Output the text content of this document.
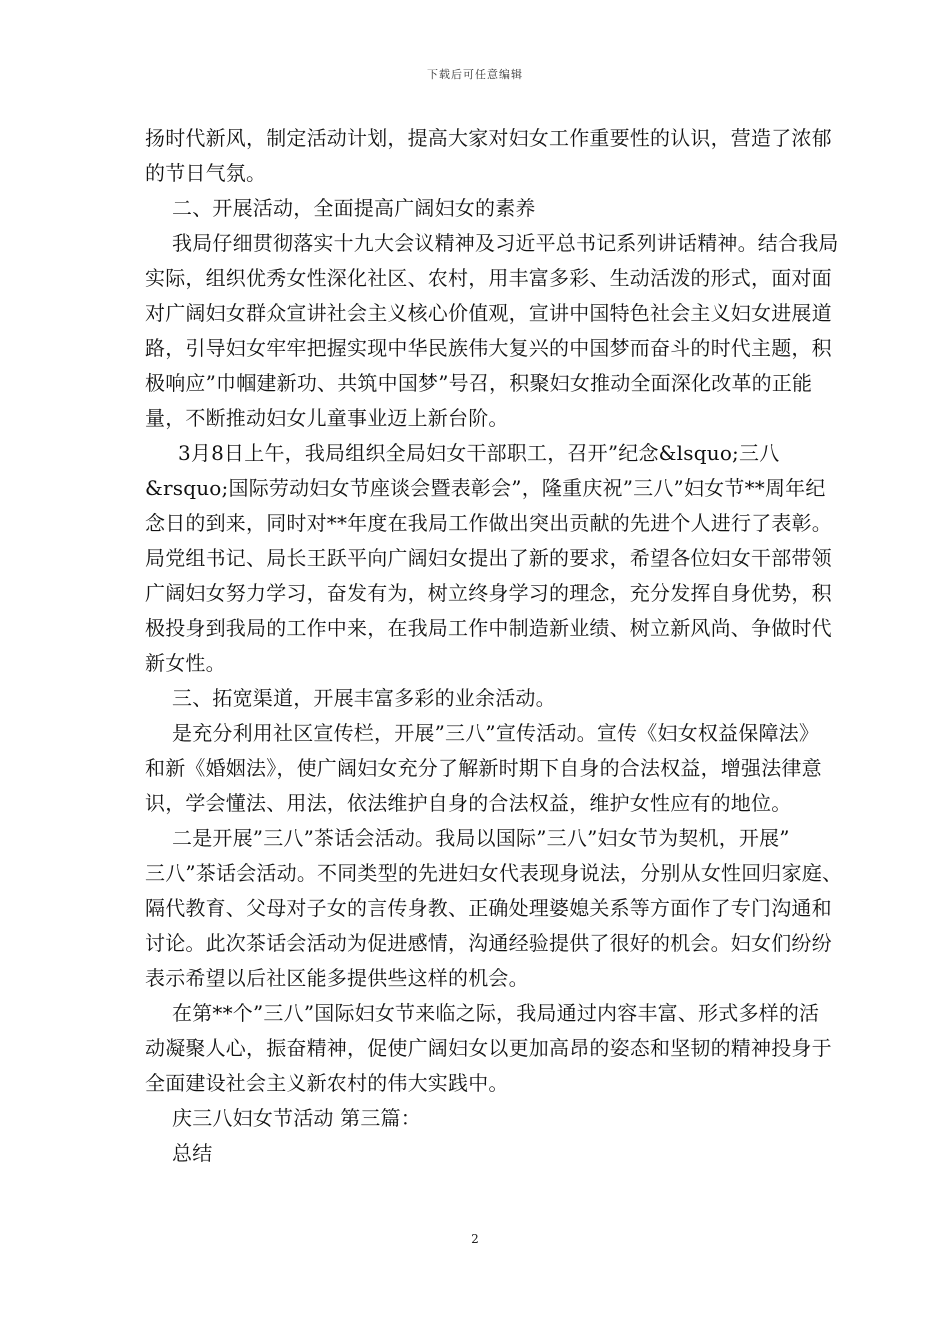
下载后可任意编辑
扬时代新风，制定活动计划，提高大家对妇女工作重要性的认识，营造了浓郁
的节日气氛。
二、开展活动，全面提高广阔妇女的素养
我局仔细贯彻落实十九大会议精神及习近平总书记系列讲话精神。结合我局
实际，组织优秀女性深化社区、农村，用丰富多彩、生动活泼的形式，面对面
对广阔妇女群众宣讲社会主义核心价值观，宣讲中国特色社会主义妇女进展道
路，引导妇女牢牢把握实现中华民族伟大复兴的中国梦而奋斗的时代主题，积
极响应”巾帼建新功、共筑中国梦”号召，积聚妇女推动全面深化改革的正能
量，不断推动妇女儿童事业迈上新台阶。
3月8日上午，我局组织全局妇女干部职工，召开”纪念&lsquo;三八
&rsquo;国际劳动妇女节座谈会暨表彰会”，隆重庆祝”三八”妇女节**周年纪
念日的到来，同时对**年度在我局工作做出突出贡献的先进个人进行了表彰。
局党组书记、局长王跃平向广阔妇女提出了新的要求，希望各位妇女干部带领
广阔妇女努力学习，奋发有为，树立终身学习的理念，充分发挥自身优势，积
极投身到我局的工作中来，在我局工作中制造新业绩、树立新风尚、争做时代
新女性。
三、拓宽渠道，开展丰富多彩的业余活动。
是充分利用社区宣传栏，开展”三八”宣传活动。宣传《妇女权益保障法》
和新《婚姻法》，使广阔妇女充分了解新时期下自身的合法权益，增强法律意
识，学会懂法、用法，依法维护自身的合法权益，维护女性应有的地位。
二是开展”三八”茶话会活动。我局以国际”三八”妇女节为契机，开展”
三八”茶话会活动。不同类型的先进妇女代表现身说法，分别从女性回归家庭、
隔代教育、父母对子女的言传身教、正确处理婆媳关系等方面作了专门沟通和
讨论。此次茶话会活动为促进感情，沟通经验提供了很好的机会。妇女们纷纷
表示希望以后社区能多提供些这样的机会。
在第**个”三八”国际妇女节来临之际，我局通过内容丰富、形式多样的活
动凝聚人心，振奋精神，促使广阔妇女以更加高昂的姿态和坚韧的精神投身于
全面建设社会主义新农村的伟大实践中。
庆三八妇女节活动 第三篇：
总结
2
